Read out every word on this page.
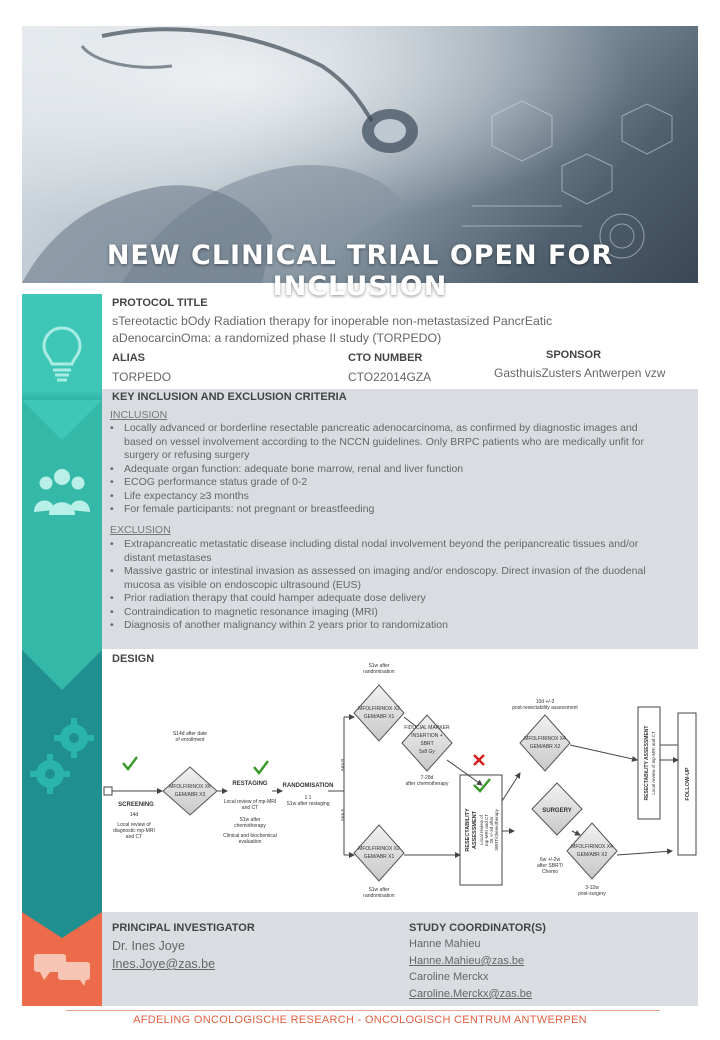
NEW CLINICAL TRIAL OPEN FOR INCLUSION
PROTOCOL TITLE
sTereotactic bOdy Radiation therapy for inoperable non-metastasized PancrEatic
aDenocarcinOma: a randomized phase II study (TORPEDO)
ALIAS
TORPEDO
CTO NUMBER
CTO22014GZA
SPONSOR
GasthuisZusters Antwerpen vzw
KEY INCLUSION AND EXCLUSION CRITERIA
INCLUSION
• Locally advanced or borderline resectable pancreatic adenocarcinoma, as confirmed by diagnostic images and
based on vessel involvement according to the NCCN guidelines. Only BRPC patients who are medically unfit for
surgery or refusing surgery
• Adequate organ function: adequate bone marrow, renal and liver function
• ECOG performance status grade of 0-2
• Life expectancy ≥3 months
• For female participants: not pregnant or breastfeeding
EXCLUSION
• Extrapancreatic metastatic disease including distal nodal involvement beyond the peripancreatic tissues and/or
distant metastases
• Massive gastric or intestinal invasion as assessed on imaging and/or endoscopy. Direct invasion of the duodenal
mucosa as visible on endoscopic ultrasound (EUS)
• Prior radiation therapy that could hamper adequate dose delivery
• Contraindication to magnetic resonance imaging (MRI)
• Diagnosis of another malignancy within 2 years prior to randomization
DESIGN
SCREENING
14d
Local review of
diagnostic mp-MRI
and CT
S14d after date
of enrollment
MFOLFIRINOX X6
GEM/ABR X3
RESTAGING
Local review of mp-MRI
and CT
S1w after
chemotherapy
Clinical and biochemical
evaluation
RANDOMISATION
1:1
S1w after restaging
S1w after
randomisation
MFOLFIRINOX X2
GEM/ABR X1
FIDUCIAL MARKER
INSERTION +
SBRT
5x8 Gy
7-28d
after chemotherapy
10d +/-3
post-resectability assessment
MFOLFIRINOX X4
GEM/ABR X2
MFOLFIRINOX X2
GEM/ABR X1
S1w after
randomisation
SURGERY
6w +/-2w
after SBRT/
Chemo
MFOLFIRINOX X4
GEM/ABR X2
3-12w
post-surgery
Arm B
Arm A	RESECTABILITY ASSESSMENT Local review of mp-MRI and CT 28 +/-3d after SBRT/chemotherapy
RESECTABILITY ASSESSMENT Local review of mp-MRI and CT	FOLLOW-UP
PRINCIPAL INVESTIGATOR
Dr. Ines Joye
Ines.Joye@zas.be
STUDY COORDINATOR(S)
Hanne Mahieu
Hanne.Mahieu@zas.be
Caroline Merckx
Caroline.Merckx@zas.be
AFDELING ONCOLOGISCHE RESEARCH - ONCOLOGISCH CENTRUM ANTWERPEN
